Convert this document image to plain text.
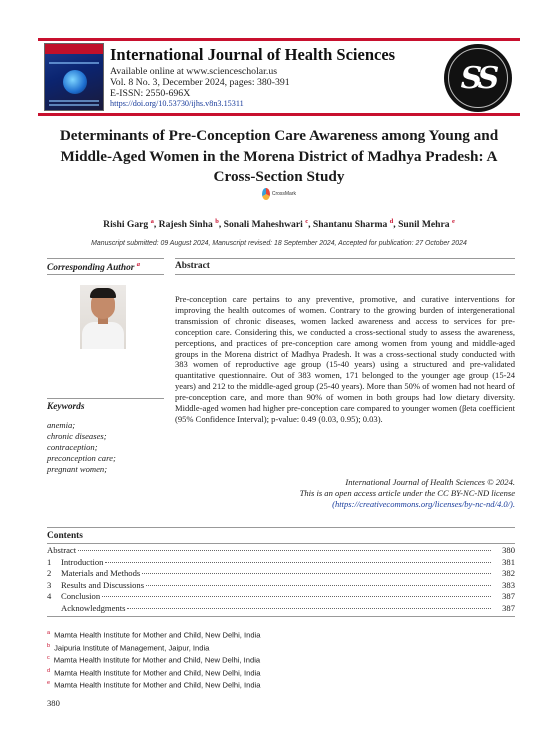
International Journal of Health Sciences
Available online at www.sciencescholar.us
Vol. 8 No. 3, December 2024, pages: 380-391
E-ISSN: 2550-696X
https://doi.org/10.53730/ijhs.v8n3.15311
SS
Determinants of Pre-Conception Care Awareness among Young and Middle-Aged Women in the Morena District of Madhya Pradesh: A Cross-Section Study
CrossMark
Rishi Garg $^a$, Rajesh Sinha $^b$, Sonali Maheshwari $^c$, Shantanu Sharma $^d$, Sunil Mehra $^e$
Manuscript submitted: 09 August 2024, Manuscript revised: 18 September 2024, Accepted for publication: 27 October 2024
Corresponding Author $^a$
Keywords
anemia;
chronic diseases;
contraception;
preconception care;
pregnant women;
Abstract

Pre-conception care pertains to any preventive, promotive, and curative interventions for improving the health outcomes of women. Contrary to the growing burden of intergenerational transmission of chronic diseases, women lacked awareness and access to services for pre-conception care. Considering this, we conducted a cross-sectional study to assess the awareness, perceptions, and practices of pre-conception care among women from young and middle-aged groups in the Morena district of Madhya Pradesh. It was a cross-sectional study conducted with 383 women of reproductive age group (15-40 years) using a structured and pre-validated quantitative questionnaire. Out of 383 women, 171 belonged to the younger age group (15-24 years) and 212 to the middle-aged group (25-40 years). More than 50% of women had not heard of pre-conception care, and more than 90% of women in both groups had low dietary diversity. Middle-aged women had higher pre-conception care compared to younger women (βeta coefficient (95% Confidence Interval); p-value: 0.49 (0.03, 0.95); 0.03).

International Journal of Health Sciences © 2024.
This is an open access article under the CC BY-NC-ND license
(https://creativecommons.org/licenses/by-nc-nd/4.0/).
Contents
Abstract	380
1	Introduction	381
2	Materials and Methods	382
3	Results and Discussions	383
4	Conclusion	387
Acknowledgments	387
$^a$ Mamta Health Institute for Mother and Child, New Delhi, India
$^b$ Jaipuria Institute of Management, Jaipur, India
$^c$ Mamta Health Institute for Mother and Child, New Delhi, India
$^d$ Mamta Health Institute for Mother and Child, New Delhi, India
$^e$ Mamta Health Institute for Mother and Child, New Delhi, India
380
